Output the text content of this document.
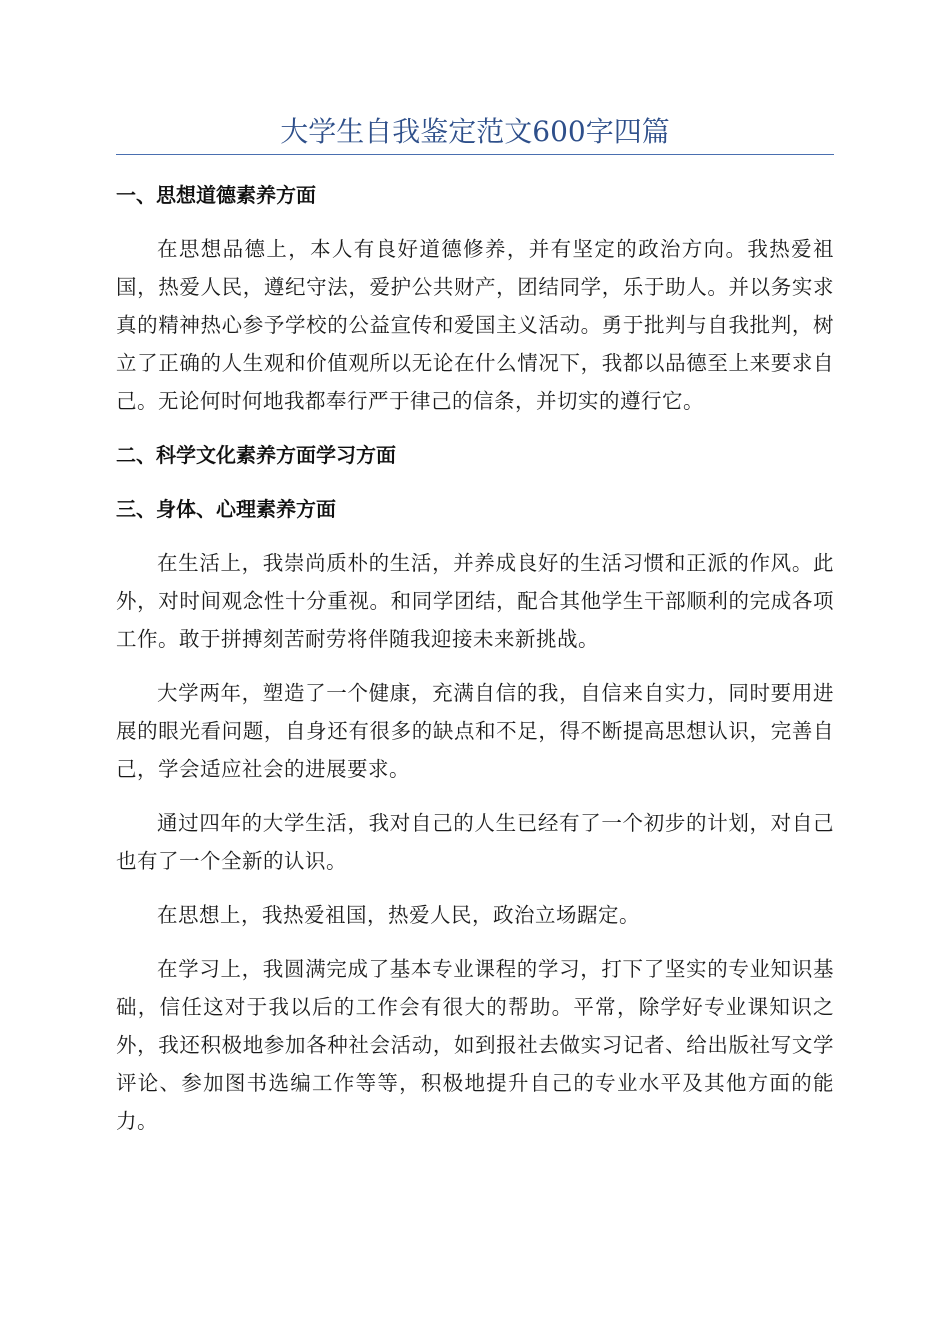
大学生自我鉴定范文600字四篇
一、思想道德素养方面

在思想品德上，本人有良好道德修养，并有坚定的政治方向。我热爱祖国，热爱人民，遵纪守法，爱护公共财产，团结同学，乐于助人。并以务实求真的精神热心参予学校的公益宣传和爱国主义活动。勇于批判与自我批判，树立了正确的人生观和价值观所以无论在什么情况下，我都以品德至上来要求自己。无论何时何地我都奉行严于律己的信条，并切实的遵行它。

二、科学文化素养方面学习方面
三、身体、心理素养方面

在生活上，我崇尚质朴的生活，并养成良好的生活习惯和正派的作风。此外，对时间观念性十分重视。和同学团结，配合其他学生干部顺利的完成各项工作。敢于拼搏刻苦耐劳将伴随我迎接未来新挑战。

大学两年，塑造了一个健康，充满自信的我，自信来自实力，同时要用进展的眼光看问题，自身还有很多的缺点和不足，得不断提高思想认识，完善自己，学会适应社会的进展要求。

通过四年的大学生活，我对自己的人生已经有了一个初步的计划，对自己也有了一个全新的认识。

在思想上，我热爱祖国，热爱人民，政治立场踞定。

在学习上，我圆满完成了基本专业课程的学习，打下了坚实的专业知识基础，信任这对于我以后的工作会有很大的帮助。平常，除学好专业课知识之外，我还积极地参加各种社会活动，如到报社去做实习记者、给出版社写文学评论、参加图书选编工作等等，积极地提升自己的专业水平及其他方面的能力。
